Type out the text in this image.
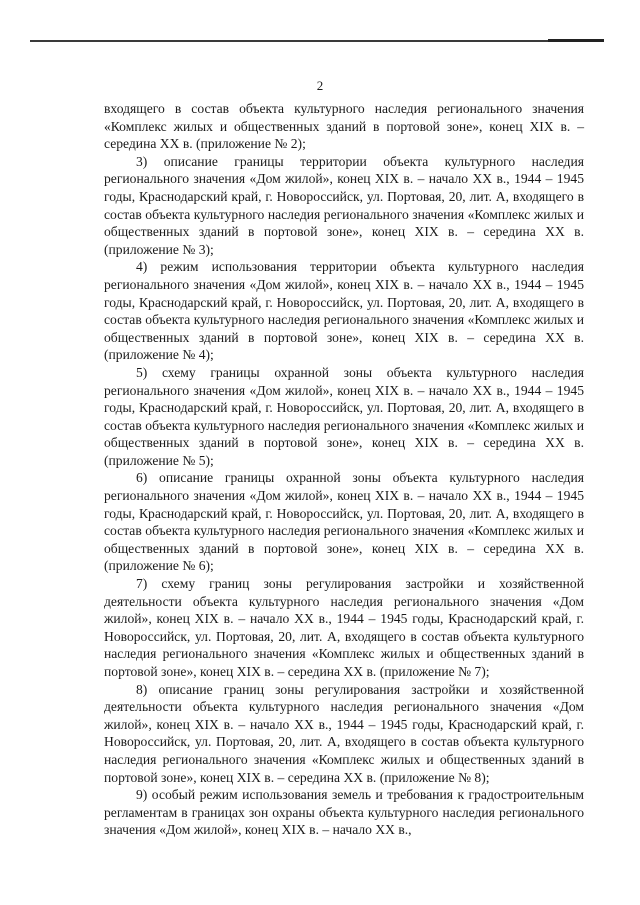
2

входящего в состав объекта культурного наследия регионального значения «Комплекс жилых и общественных зданий в портовой зоне», конец XIX в. – середина XX в. (приложение № 2);

3) описание границы территории объекта культурного наследия регионального значения «Дом жилой», конец XIX в. – начало XX в., 1944 – 1945 годы, Краснодарский край, г. Новороссийск, ул. Портовая, 20, лит. А, входящего в состав объекта культурного наследия регионального значения «Комплекс жилых и общественных зданий в портовой зоне», конец XIX в. – середина XX в. (приложение № 3);

4) режим использования территории объекта культурного наследия регионального значения «Дом жилой», конец XIX в. – начало XX в., 1944 – 1945 годы, Краснодарский край, г. Новороссийск, ул. Портовая, 20, лит. А, входящего в состав объекта культурного наследия регионального значения «Комплекс жилых и общественных зданий в портовой зоне», конец XIX в. – середина XX в. (приложение № 4);

5) схему границы охранной зоны объекта культурного наследия регионального значения «Дом жилой», конец XIX в. – начало XX в., 1944 – 1945 годы, Краснодарский край, г. Новороссийск, ул. Портовая, 20, лит. А, входящего в состав объекта культурного наследия регионального значения «Комплекс жилых и общественных зданий в портовой зоне», конец XIX в. – середина XX в. (приложение № 5);

6) описание границы охранной зоны объекта культурного наследия регионального значения «Дом жилой», конец XIX в. – начало XX в., 1944 – 1945 годы, Краснодарский край, г. Новороссийск, ул. Портовая, 20, лит. А, входящего в состав объекта культурного наследия регионального значения «Комплекс жилых и общественных зданий в портовой зоне», конец XIX в. – середина XX в. (приложение № 6);

7) схему границ зоны регулирования застройки и хозяйственной деятельности объекта культурного наследия регионального значения «Дом жилой», конец XIX в. – начало XX в., 1944 – 1945 годы, Краснодарский край, г. Новороссийск, ул. Портовая, 20, лит. А, входящего в состав объекта культурного наследия регионального значения «Комплекс жилых и общественных зданий в портовой зоне», конец XIX в. – середина XX в. (приложение № 7);

8) описание границ зоны регулирования застройки и хозяйственной деятельности объекта культурного наследия регионального значения «Дом жилой», конец XIX в. – начало XX в., 1944 – 1945 годы, Краснодарский край, г. Новороссийск, ул. Портовая, 20, лит. А, входящего в состав объекта культурного наследия регионального значения «Комплекс жилых и общественных зданий в портовой зоне», конец XIX в. – середина XX в. (приложение № 8);

9) особый режим использования земель и требования к градостроительным регламентам в границах зон охраны объекта культурного наследия регионального значения «Дом жилой», конец XIX в. – начало XX в.,
